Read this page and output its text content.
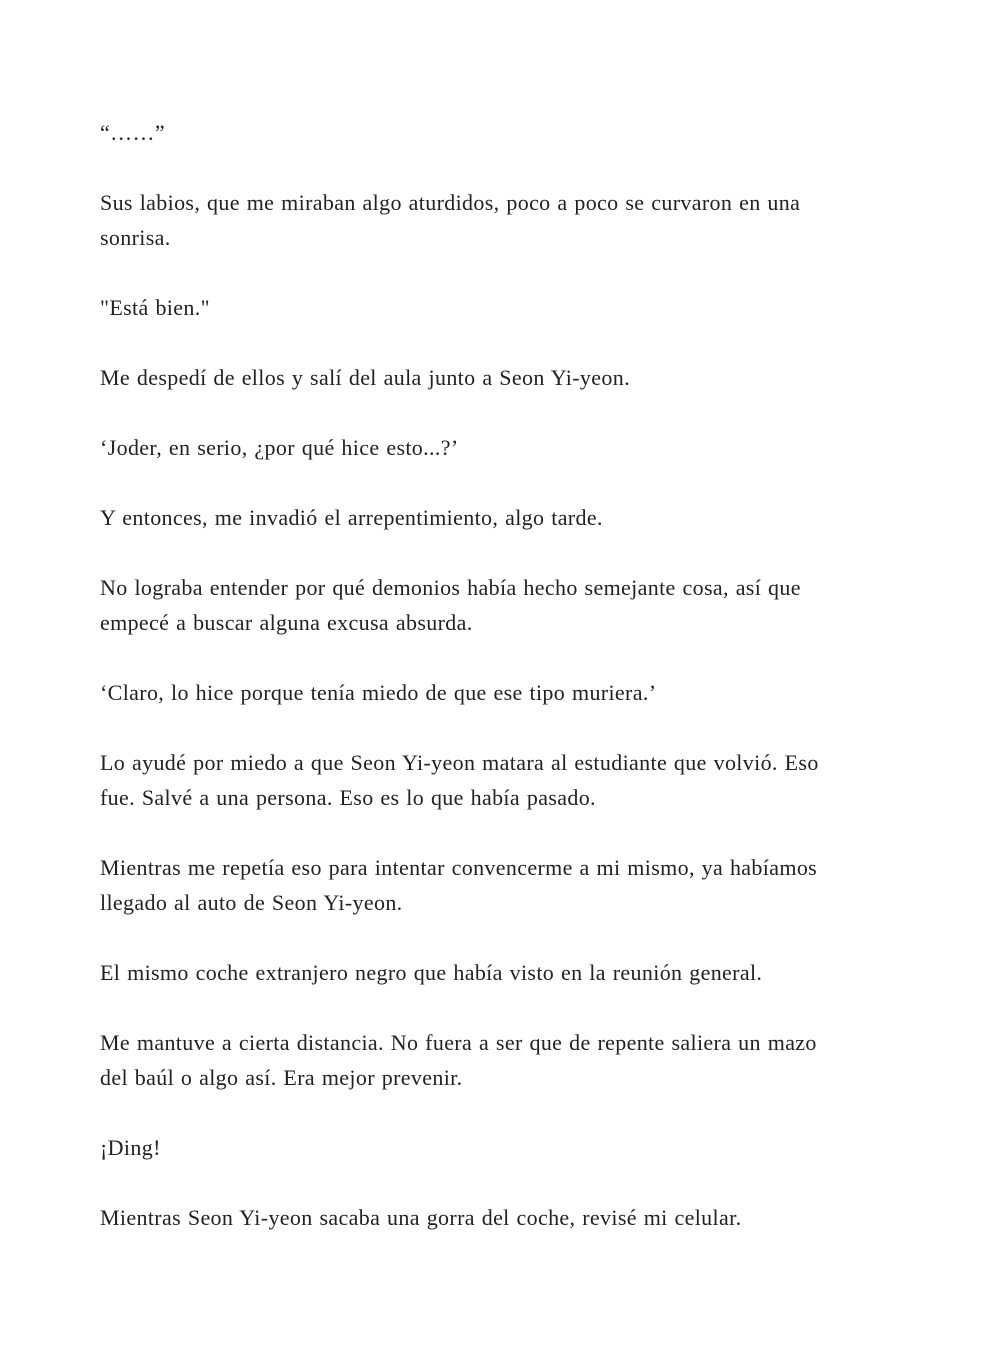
“……”

Sus labios, que me miraban algo aturdidos, poco a poco se curvaron en una
sonrisa.

"Está bien."

Me despedí de ellos y salí del aula junto a Seon Yi-yeon.

‘Joder, en serio, ¿por qué hice esto...?’

Y entonces, me invadió el arrepentimiento, algo tarde.

No lograba entender por qué demonios había hecho semejante cosa, así que
empecé a buscar alguna excusa absurda.

‘Claro, lo hice porque tenía miedo de que ese tipo muriera.’

Lo ayudé por miedo a que Seon Yi-yeon matara al estudiante que volvió. Eso
fue. Salvé a una persona. Eso es lo que había pasado.

Mientras me repetía eso para intentar convencerme a mi mismo, ya habíamos
llegado al auto de Seon Yi-yeon.

El mismo coche extranjero negro que había visto en la reunión general.

Me mantuve a cierta distancia. No fuera a ser que de repente saliera un mazo
del baúl o algo así. Era mejor prevenir.

¡Ding!

Mientras Seon Yi-yeon sacaba una gorra del coche, revisé mi celular.
